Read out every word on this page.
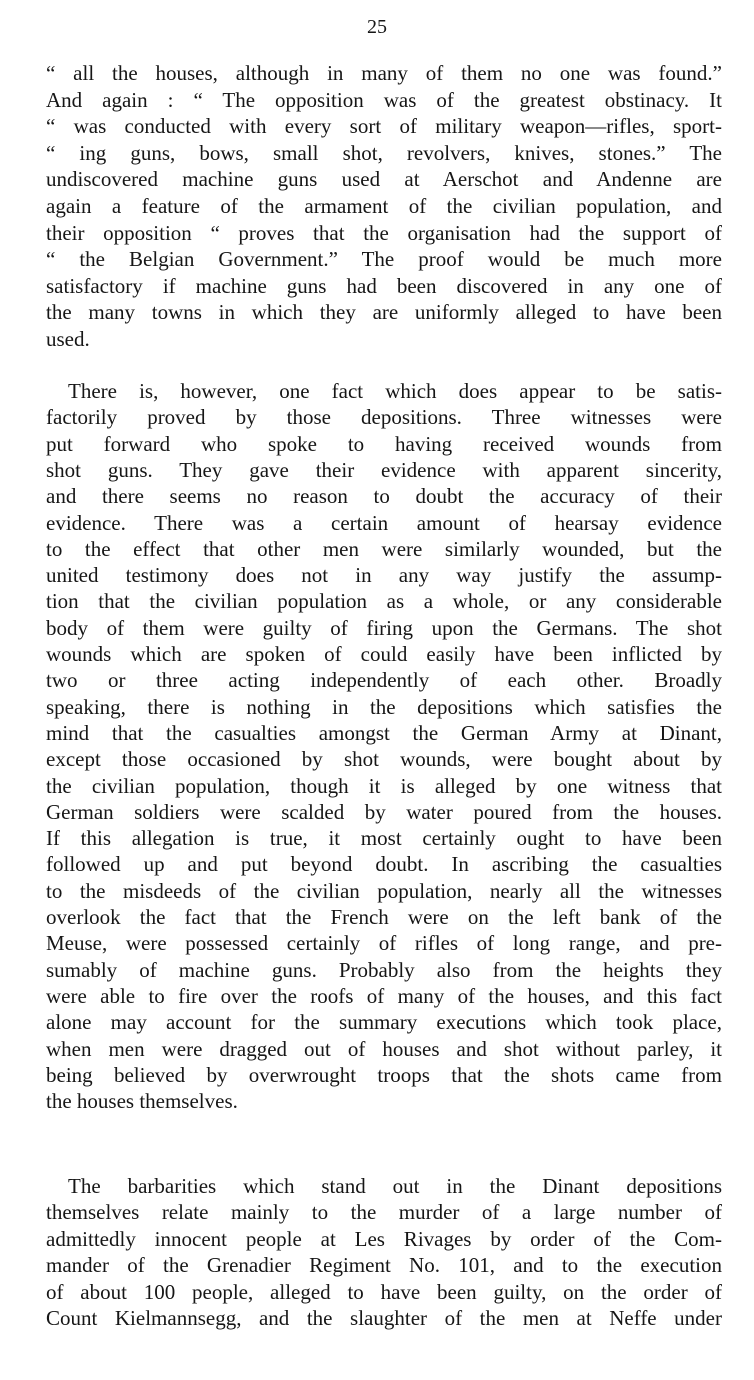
25
“ all the houses, although in many of them no one was found.”
And again : “ The opposition was of the greatest obstinacy. It
“ was conducted with every sort of military weapon—rifles, sport-
“ ing guns, bows, small shot, revolvers, knives, stones.” The
undiscovered machine guns used at Aerschot and Andenne are
again a feature of the armament of the civilian population, and
their opposition “ proves that the organisation had the support of
“ the Belgian Government.” The proof would be much more
satisfactory if machine guns had been discovered in any one of
the many towns in which they are uniformly alleged to have been
used.
There is, however, one fact which does appear to be satis-
factorily proved by those depositions. Three witnesses were
put forward who spoke to having received wounds from
shot guns. They gave their evidence with apparent sincerity,
and there seems no reason to doubt the accuracy of their
evidence. There was a certain amount of hearsay evidence
to the effect that other men were similarly wounded, but the
united testimony does not in any way justify the assump-
tion that the civilian population as a whole, or any considerable
body of them were guilty of firing upon the Germans. The shot
wounds which are spoken of could easily have been inflicted by
two or three acting independently of each other. Broadly
speaking, there is nothing in the depositions which satisfies the
mind that the casualties amongst the German Army at Dinant,
except those occasioned by shot wounds, were bought about by
the civilian population, though it is alleged by one witness that
German soldiers were scalded by water poured from the houses.
If this allegation is true, it most certainly ought to have been
followed up and put beyond doubt. In ascribing the casualties
to the misdeeds of the civilian population, nearly all the witnesses
overlook the fact that the French were on the left bank of the
Meuse, were possessed certainly of rifles of long range, and pre-
sumably of machine guns. Probably also from the heights they
were able to fire over the roofs of many of the houses, and this fact
alone may account for the summary executions which took place,
when men were dragged out of houses and shot without parley, it
being believed by overwrought troops that the shots came from
the houses themselves.
The barbarities which stand out in the Dinant depositions
themselves relate mainly to the murder of a large number of
admittedly innocent people at Les Rivages by order of the Com-
mander of the Grenadier Regiment No. 101, and to the execution
of about 100 people, alleged to have been guilty, on the order of
Count Kielmannsegg, and the slaughter of the men at Neffe under
